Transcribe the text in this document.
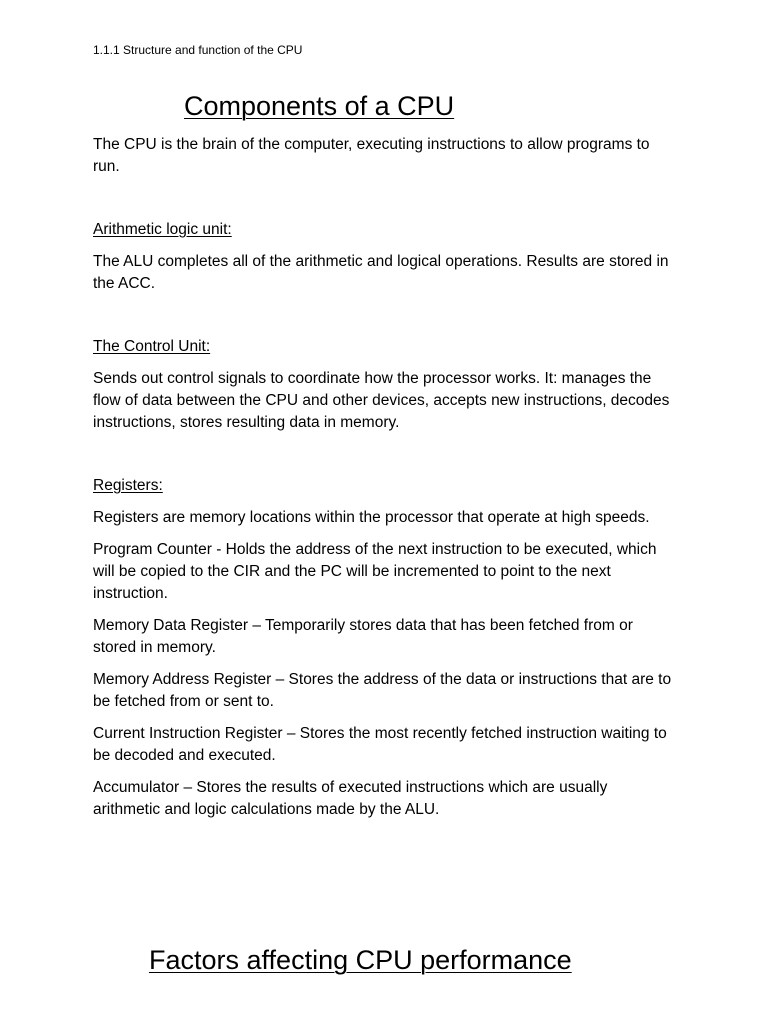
1.1.1 Structure and function of the CPU
Components of a CPU

The CPU is the brain of the computer, executing instructions to allow programs to run.

Arithmetic logic unit:

The ALU completes all of the arithmetic and logical operations. Results are stored in the ACC.

The Control Unit:

Sends out control signals to coordinate how the processor works. It: manages the flow of data between the CPU and other devices, accepts new instructions, decodes instructions, stores resulting data in memory.

Registers:

Registers are memory locations within the processor that operate at high speeds.

Program Counter - Holds the address of the next instruction to be executed, which will be copied to the CIR and the PC will be incremented to point to the next instruction.

Memory Data Register – Temporarily stores data that has been fetched from or stored in memory.

Memory Address Register – Stores the address of the data or instructions that are to be fetched from or sent to.

Current Instruction Register – Stores the most recently fetched instruction waiting to be decoded and executed.

Accumulator – Stores the results of executed instructions which are usually arithmetic and logic calculations made by the ALU.

Factors affecting CPU performance
